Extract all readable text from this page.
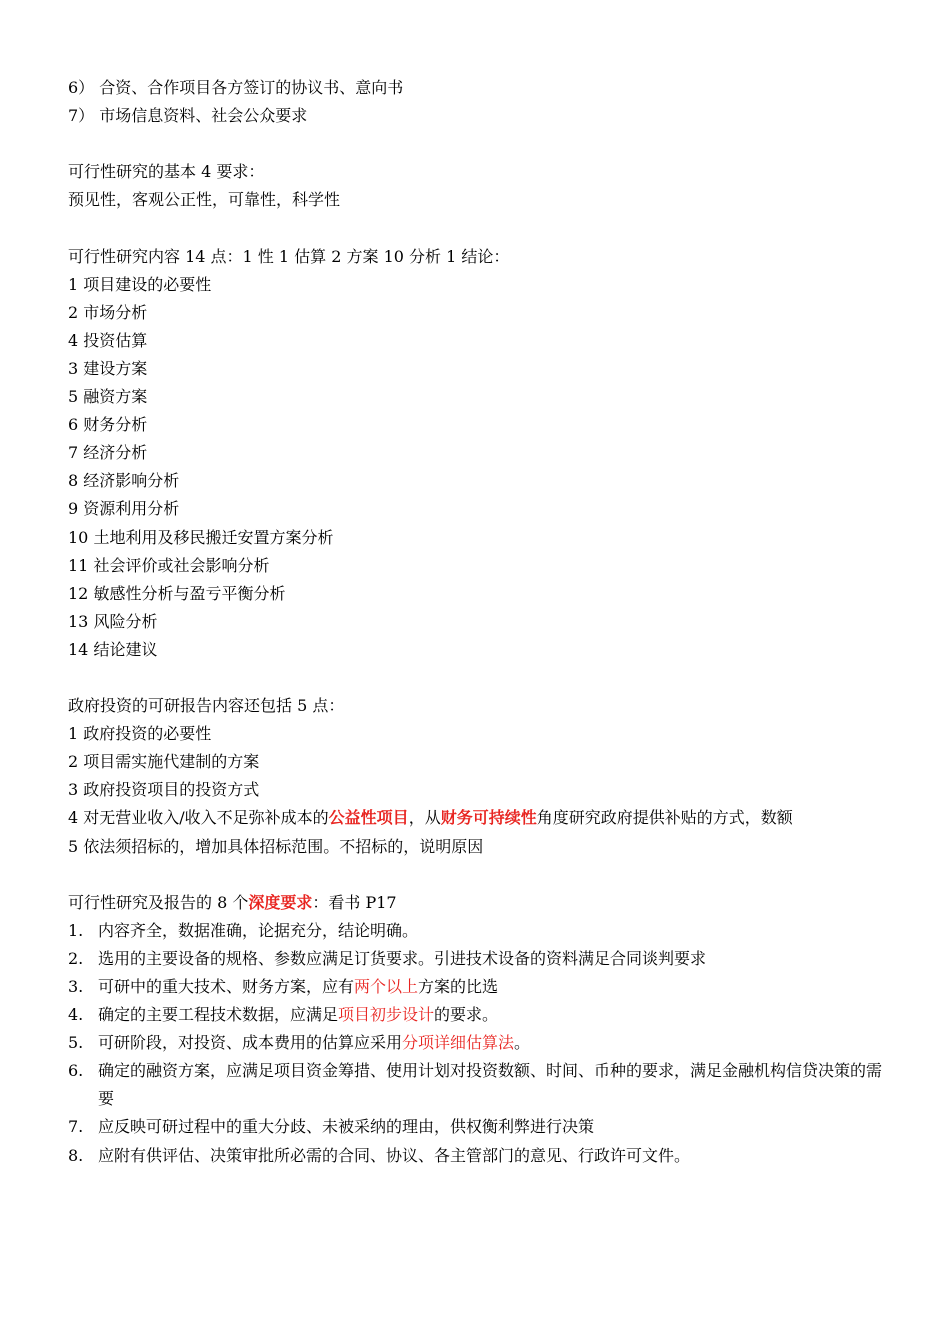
6） 合资、合作项目各方签订的协议书、意向书
7） 市场信息资料、社会公众要求
可行性研究的基本 4 要求：
预见性，客观公正性，可靠性，科学性
可行性研究内容 14 点：1 性 1 估算 2 方案 10 分析 1 结论：
1 项目建设的必要性
2 市场分析
4 投资估算
3 建设方案
5 融资方案
6 财务分析
7 经济分析
8 经济影响分析
9 资源利用分析
10 土地利用及移民搬迁安置方案分析
11 社会评价或社会影响分析
12 敏感性分析与盈亏平衡分析
13 风险分析
14 结论建议
政府投资的可研报告内容还包括 5 点：
1 政府投资的必要性
2 项目需实施代建制的方案
3 政府投资项目的投资方式
4 对无营业收入/收入不足弥补成本的公益性项目，从财务可持续性角度研究政府提供补贴的方式，数额
5 依法须招标的，增加具体招标范围。不招标的，说明原因
可行性研究及报告的 8 个深度要求：看书 P17
1. 内容齐全，数据准确，论据充分，结论明确。
2. 选用的主要设备的规格、参数应满足订货要求。引进技术设备的资料满足合同谈判要求
3. 可研中的重大技术、财务方案，应有两个以上方案的比选
4. 确定的主要工程技术数据，应满足项目初步设计的要求。
5. 可研阶段，对投资、成本费用的估算应采用分项详细估算法。
6. 确定的融资方案，应满足项目资金筹措、使用计划对投资数额、时间、币种的要求，满足金融机构信贷决策的需要
7. 应反映可研过程中的重大分歧、未被采纳的理由，供权衡利弊进行决策
8. 应附有供评估、决策审批所必需的合同、协议、各主管部门的意见、行政许可文件。
